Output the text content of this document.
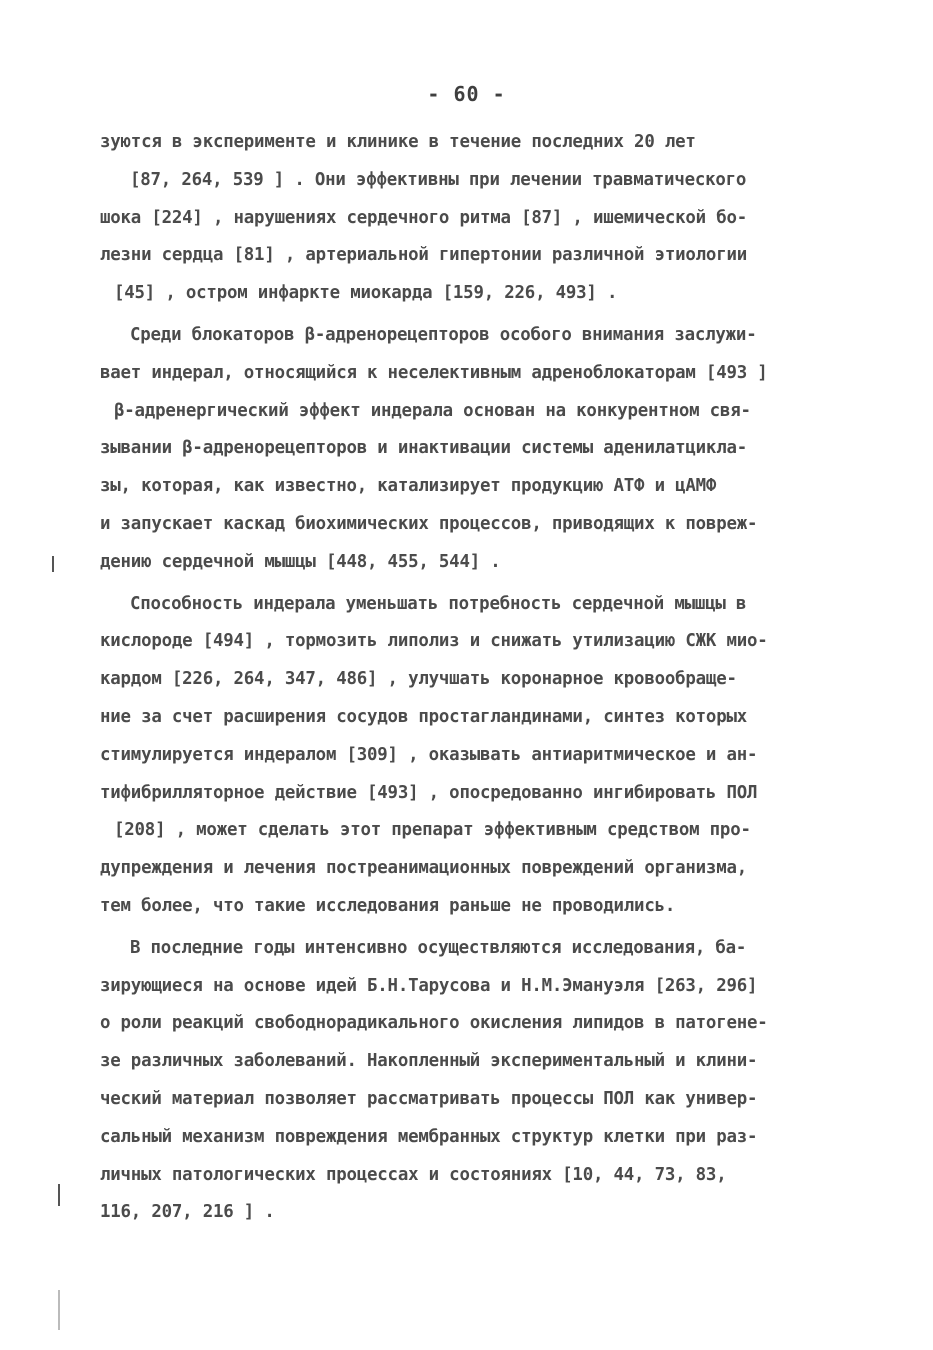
- 60 -
зуются в эксперименте и клинике в течение последних 20 лет
[87, 264, 539 ] . Они эффективны при лечении травматического
шока [224] , нарушениях сердечного ритма [87] , ишемической бо-
лезни сердца [81] , артериальной гипертонии различной этиологии
[45] , остром инфаркте миокарда [159, 226, 493] .
Среди блокаторов β-адренорецепторов особого внимания заслужи-
вает индерал, относящийся к неселективным адреноблокаторам [493 ]
β-адренергический эффект индерала основан на конкурентном свя-
зывании β-адренорецепторов и инактивации системы аденилатцикла-
зы, которая, как известно, катализирует продукцию АТФ и цАМФ
и запускает каскад биохимических процессов, приводящих к повреж-
дению сердечной мышцы [448, 455, 544] .
Способность индерала уменьшать потребность сердечной мышцы в
кислороде [494] , тормозить липолиз и снижать утилизацию СЖК мио-
кардом [226, 264, 347, 486] , улучшать коронарное кровообраще-
ние за счет расширения сосудов простагландинами, синтез которых
стимулируется индералом [309] , оказывать антиаритмическое и ан-
тифибрилляторное действие [493] , опосредованно ингибировать ПОЛ
[208] , может сделать этот препарат эффективным средством про-
дупреждения и лечения постреанимационных повреждений организма,
тем более, что такие исследования раньше не проводились.
В последние годы интенсивно осуществляются исследования, ба-
зирующиеся на основе идей Б.Н.Тарусова и Н.М.Эмануэля [263, 296]
о роли реакций свободнорадикального окисления липидов в патогене-
зе различных заболеваний. Накопленный экспериментальный и клини-
ческий материал позволяет рассматривать процессы ПОЛ как универ-
сальный механизм повреждения мембранных структур клетки при раз-
личных патологических процессах и состояниях [10, 44, 73, 83,
116, 207, 216 ] .
